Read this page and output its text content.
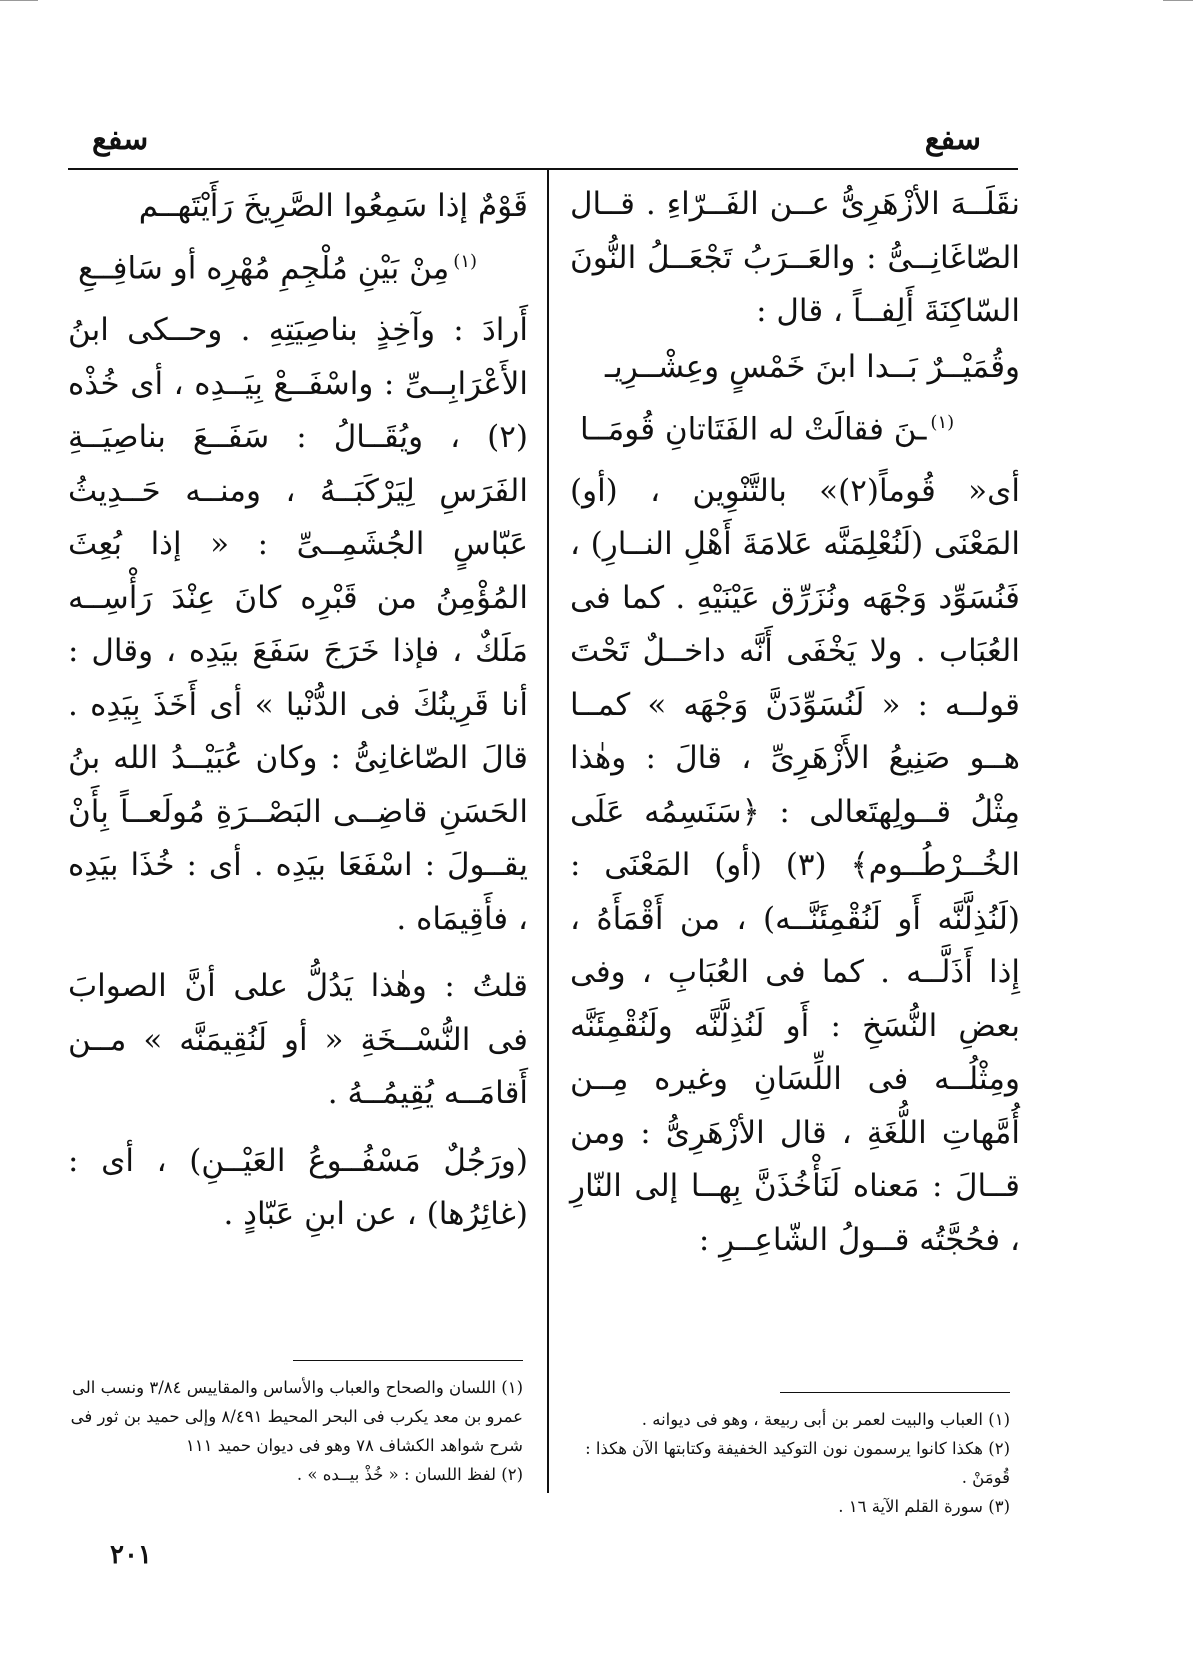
سفع
سفع

نقَلَــهَ الأزْهَرِىُّ عــن الفَــرّاءِ . قــال الصّاغَانِــىُّ : والعَــرَبُ تَجْعَــلُ النُّونَ السّاكِنَةَ أَلِفــاً ، قال :

وقُمَيْــرٌ بَــدا ابنَ خَمْسٍ وعِشْــرِيـ
$^{(١)}$ـنَ فقالَتْ له الفَتَاتانِ قُومَــا

أى« قُوماً(٢)» بالتَّنْوِين ، (أو) المَعْنَى (لَنُعْلِمَنَّه عَلامَةَ أَهْلِ النــارِ) ، فَنُسَوِّد وَجْهَه ونُزَرِّق عَيْنَيْهِ . كما فى العُبَاب . ولا يَخْفَى أَنَّه داخــلٌ تَحْتَ قولــه : « لَنُسَوِّدَنَّ وَجْهَه » كمــا هــو صَنِيعُ الأَزْهَرِىِّ ، قالَ : وهٰذا مِثْلُ قــولِهتَعالى : ﴿سَنَسِمُه عَلَى الخُــرْطُــوم﴾ (٣) (أو) المَعْنَى : (لَنُذِلَّنَّه أَو لَنُقْمِئَنَّــه) ، من أَقْمَأَهُ ، إِذا أَذَلَّــه . كما فى العُبَابِ ، وفى بعضِ النُّسَخِ : أَو لَنُذِلَّنَّه ولَنُقْمِئَنَّه ومِثْلُــه فى اللِّسَانِ وغيره مِــن أُمَّهاتِ اللُّغَةِ ، قال الأزْهَرِىُّ : ومن قــالَ : مَعناه لَنَأْخُذَنَّ بِهــا إلى النّارِ ، فحُجَّتُه قــولُ الشّاعِــرِ :

قَوْمٌ إذا سَمِعُوا الصَّرِيخَ رَأَيْتَهــم
$^{(١)}$مِنْ بَيْنِ مُلْجِمِ مُهْرِه أو سَافِــعِ

أَرادَ : وآخِذٍ بناصِيَتِهِ . وحــكى ابنُ الأَعْرَابِــىِّ : واسْفَــعْ بِيَــدِه ، أى خُذْه (٢) ، ويُقَــالُ : سَفَــعَ بناصِيَــةِ الفَرَسِ لِيَرْكَبَــهُ ، ومنــه حَــدِيثُ عَبّاسٍ الجُشَمِــىِّ : « إذا بُعِثَ المُؤْمِنُ من قَبْرِه كانَ عِنْدَ رَأْسِــه مَلَكٌ ، فإذا خَرَجَ سَفَعَ بيَدِه ، وقال : أنا قَرِينُكَ فى الدُّنْيا » أى أَخَذَ بِيَدِه . قالَ الصّاغانِىُّ : وكان عُبَيْــدُ الله بنُ الحَسَنِ قاضِــى البَصْــرَةِ مُولَعــاً بِأَنْ يقــولَ : اسْفَعَا بيَدِه . أى : خُذَا بيَدِه ، فأَقِيمَاه .

قلتُ : وهٰذا يَدُلُّ على أنَّ الصوابَ فى النُّسْــخَةِ « أو لَنُقِيمَنَّه » مــن أَقامَــه يُقِيمُــهُ .

(ورَجُلٌ مَسْفُــوعُ العَيْــنِ) ، أى : (غائِرُها) ، عن ابنِ عَبّادٍ .

(١) العباب والبيت لعمر بن أبى ربيعة ، وهو فى ديوانه .

(٢) هكذا كانوا يرسمون نون التوكيد الخفيفة وكتابتها الآن هكذا : قُومَنْ .

(٣) سورة القلم الآية ١٦ .

(١) اللسان والصحاح والعباب والأساس والمقاييس ٣/٨٤ ونسب الى عمرو بن معد يكرب فى البحر المحيط ٨/٤٩١ وإلى حميد بن ثور فى شرح شواهد الكشاف ٧٨ وهو فى ديوان حميد ١١١

(٢) لفظ اللسان : « خُذْ بيــده » .

٢٠١
